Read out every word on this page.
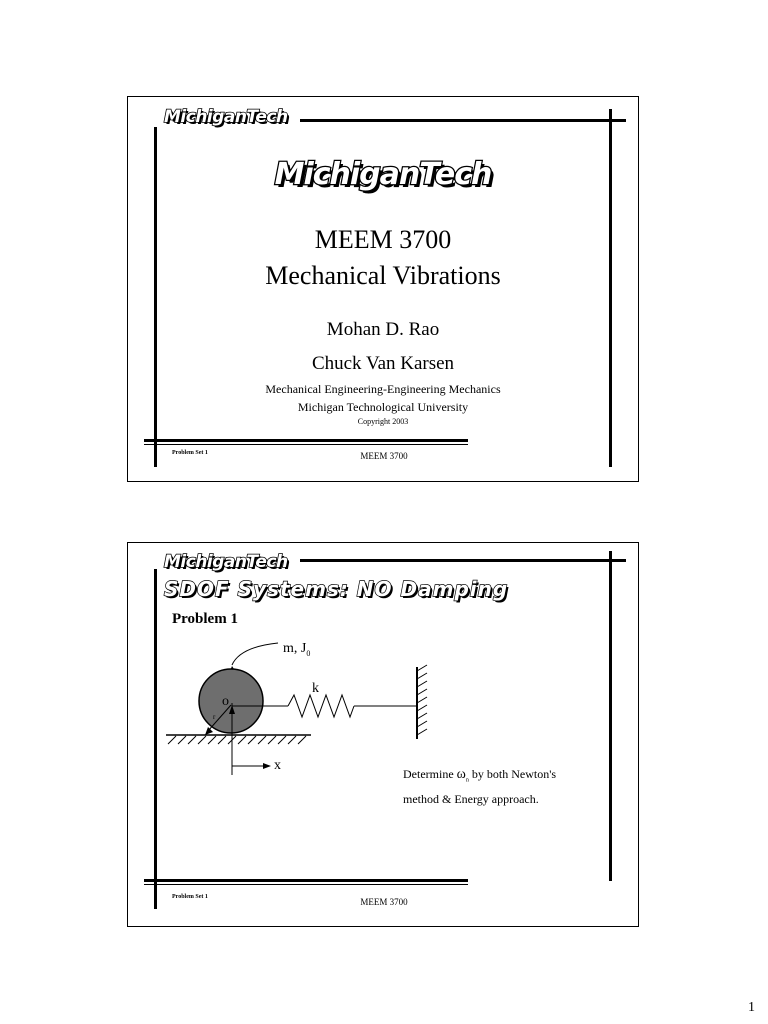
MichiganTech
MichiganTech
MEEM 3700
Mechanical Vibrations
Mohan D. Rao
Chuck Van Karsen
Mechanical Engineering-Engineering Mechanics
Michigan Technological University
Copyright 2003
Problem Set 1	MEEM 3700
MichiganTech
SDOF Systems: NO Damping
Problem 1
m, $J_0$
k
o
r
x
Determine $\omega_n$ by both Newton's
method & Energy approach.
Problem Set 1	MEEM 3700
1
